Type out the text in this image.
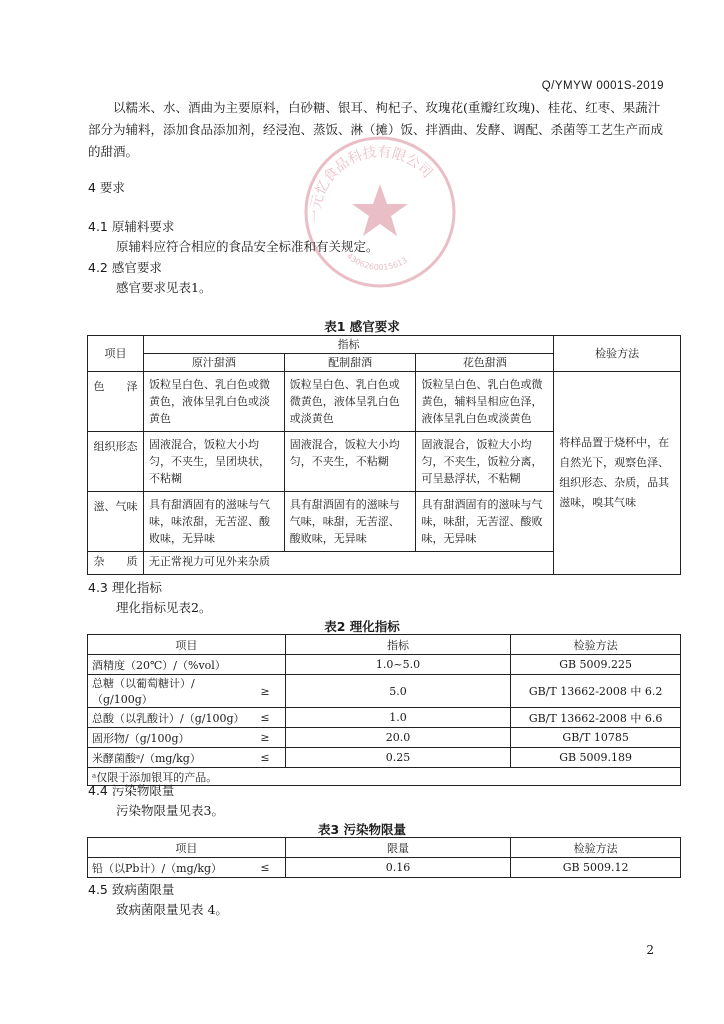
Q/YMYW 0001S-2019
一元忆食品科技有限公司
4306260015613
以糯米、水、酒曲为主要原料，白砂糖、银耳、枸杞子、玫瑰花(重瓣红玫瑰)、桂花、红枣、果蔬汁部分为辅料，添加食品添加剂，经浸泡、蒸饭、淋（摊）饭、拌酒曲、发酵、调配、杀菌等工艺生产而成的甜酒。
4 要求
4.1 原辅料要求
原辅料应符合相应的食品安全标准和有关规定。
4.2 感官要求
感官要求见表1。
表1 感官要求
项目	指标			检验方法
	原汁甜酒	配制甜酒	花色甜酒	
色　　泽	饭粒呈白色、乳白色或微黄色，液体呈乳白色或淡黄色	饭粒呈白色、乳白色或微黄色，液体呈乳白色或淡黄色	饭粒呈白色、乳白色或微黄色，辅料呈相应色泽，液体呈乳白色或淡黄色	将样品置于烧杯中，在自然光下，观察色泽、组织形态、杂质，品其滋味，嗅其气味
组织形态	固液混合，饭粒大小均匀，不夹生，呈团块状，不粘糊	固液混合，饭粒大小均匀，不夹生，不粘糊	固液混合，饭粒大小均匀，不夹生，饭粒分离，可呈悬浮状，不粘糊	
滋、气味	具有甜酒固有的滋味与气味，味浓甜，无苦涩、酸败味，无异味	具有甜酒固有的滋味与气味，味甜，无苦涩、酸败味，无异味	具有甜酒固有的滋味与气味，味甜，无苦涩、酸败味，无异味	
杂　　质	无正常视力可见外来杂质			
4.3 理化指标
理化指标见表2。
表2 理化指标
项目		指标	检验方法
酒精度（20℃）/（%vol）		1.0~5.0	GB 5009.225
总糖（以葡萄糖计）/（g/100g）	≥	5.0	GB/T 13662-2008 中 6.2
总酸（以乳酸计）/（g/100g）	≤	1.0	GB/T 13662-2008 中 6.6
固形物/（g/100g）	≥	20.0	GB/T 10785
米酵菌酸ᵃ/（mg/kg）	≤	0.25	GB 5009.189
ᵃ仅限于添加银耳的产品。			
4.4 污染物限量
污染物限量见表3。
表3 污染物限量
项目		限量	检验方法
铅（以Pb计）/（mg/kg）	≤	0.16	GB 5009.12
4.5 致病菌限量
致病菌限量见表 4。
2
